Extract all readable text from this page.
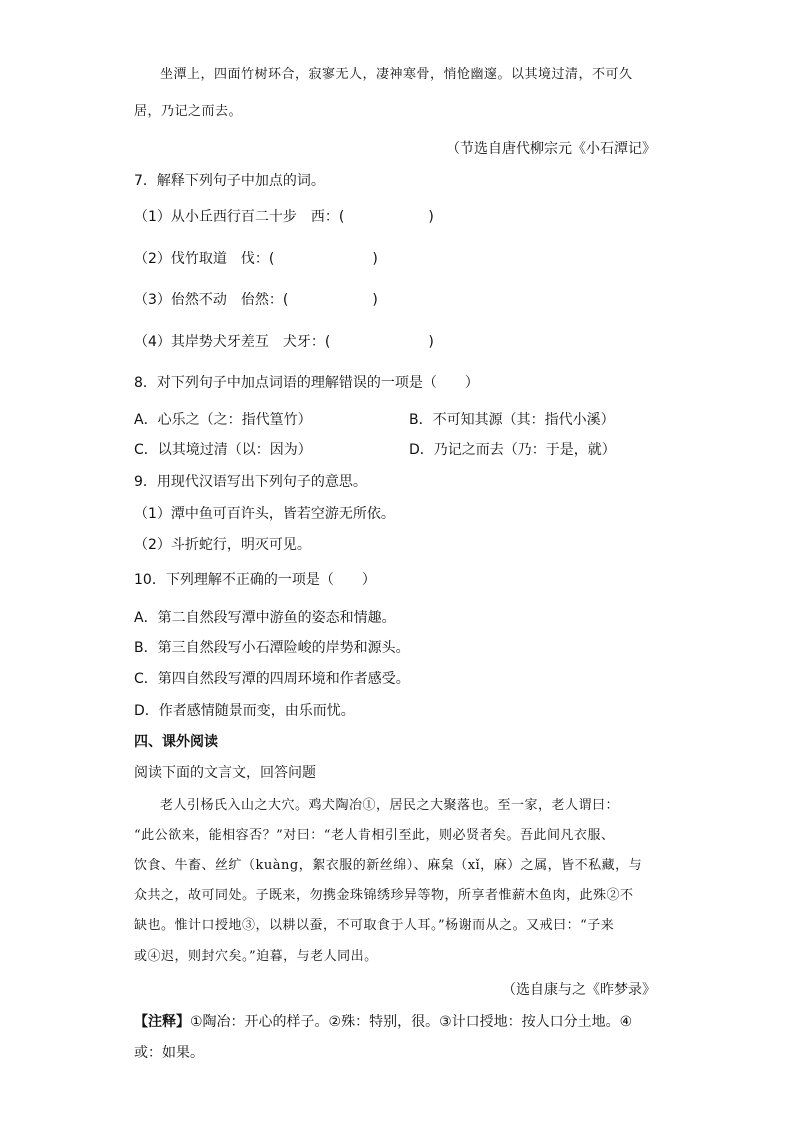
坐潭上，四面竹树环合，寂寥无人，凄神寒骨，悄怆幽邃。以其境过清，不可久
居，乃记之而去。
（节选自唐代柳宗元《小石潭记》
7．解释下列句子中加点的词。
（1）从小丘西行百二十步　西：(　　　　　　)
（2）伐竹取道　伐：(　　　　　　　)
（3）佁然不动　佁然：(　　　　　　)
（4）其岸势犬牙差互　犬牙：(　　　　　　　)
8．对下列句子中加点词语的理解错误的一项是（　　）
A．心乐之（之：指代篁竹）	B．不可知其源（其：指代小溪）
C．以其境过清（以：因为）	D．乃记之而去（乃：于是，就）
9．用现代汉语写出下列句子的意思。
（1）潭中鱼可百许头，皆若空游无所依。
（2）斗折蛇行，明灭可见。
10．下列理解不正确的一项是（　　）
A．第二自然段写潭中游鱼的姿态和情趣。
B．第三自然段写小石潭险峻的岸势和源头。
C．第四自然段写潭的四周环境和作者感受。
D．作者感情随景而变，由乐而忧。
四、课外阅读
阅读下面的文言文，回答问题
老人引杨氏入山之大穴。鸡犬陶冶①，居民之大聚落也。至一家，老人谓曰：
“此公欲来，能相容否？”对曰：“老人肯相引至此，则必贤者矣。吾此间凡衣服、
饮食、牛畜、丝纩（kuàng，絮衣服的新丝绵）、麻枲（xǐ，麻）之属，皆不私藏，与
众共之，故可同处。子既来，勿携金珠锦绣珍异等物，所享者惟薪木鱼肉，此殊②不
缺也。惟计口授地③，以耕以蚕，不可取食于人耳。”杨谢而从之。又戒曰：“子来
或④迟，则封穴矣。”迫暮，与老人同出。
（选自康与之《昨梦录》
【注释】①陶冶：开心的样子。②殊：特别，很。③计口授地：按人口分土地。④
或：如果。
